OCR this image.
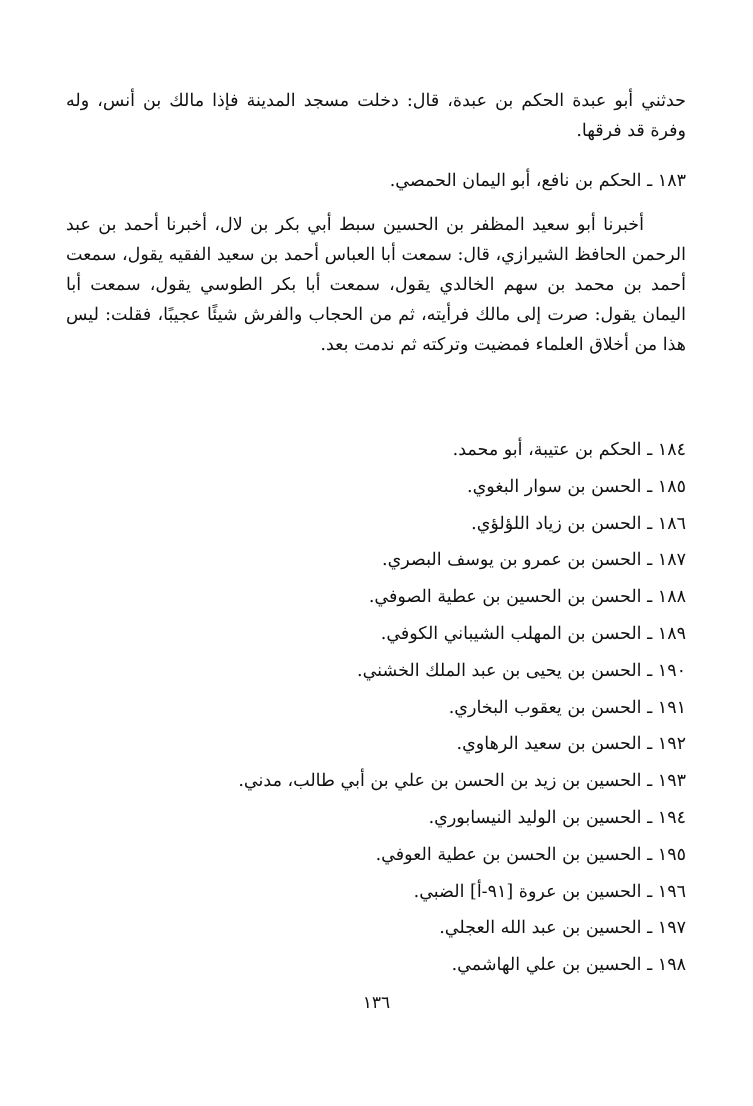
حدثني أبو عبدة الحكم بن عبدة، قال: دخلت مسجد المدينة فإذا مالك بن أنس، وله وفرة قد فرقها.

١٨٣ ـ الحكم بن نافع، أبو اليمان الحمصي.

أخبرنا أبو سعيد المظفر بن الحسين سبط أبي بكر بن لال، أخبرنا أحمد بن عبد الرحمن الحافظ الشيرازي، قال: سمعت أبا العباس أحمد بن سعيد الفقيه يقول، سمعت أحمد بن محمد بن سهم الخالدي يقول، سمعت أبا بكر الطوسي يقول، سمعت أبا اليمان يقول: صرت إلى مالك فرأيته، ثم من الحجاب والفرش شيئًا عجيبًا، فقلت: ليس هذا من أخلاق العلماء فمضيت وتركته ثم ندمت بعد.

١٨٤ ـ الحكم بن عتيبة، أبو محمد.
١٨٥ ـ الحسن بن سوار البغوي.
١٨٦ ـ الحسن بن زياد اللؤلؤي.
١٨٧ ـ الحسن بن عمرو بن يوسف البصري.
١٨٨ ـ الحسن بن الحسين بن عطية الصوفي.
١٨٩ ـ الحسن بن المهلب الشيباني الكوفي.
١٩٠ ـ الحسن بن يحيى بن عبد الملك الخشني.
١٩١ ـ الحسن بن يعقوب البخاري.
١٩٢ ـ الحسن بن سعيد الرهاوي.
١٩٣ ـ الحسين بن زيد بن الحسن بن علي بن أبي طالب، مدني.
١٩٤ ـ الحسين بن الوليد النيسابوري.
١٩٥ ـ الحسين بن الحسن بن عطية العوفي.
١٩٦ ـ الحسين بن عروة [٩١-أ] الضبي.
١٩٧ ـ الحسين بن عبد الله العجلي.
١٩٨ ـ الحسين بن علي الهاشمي.

١٣٦
